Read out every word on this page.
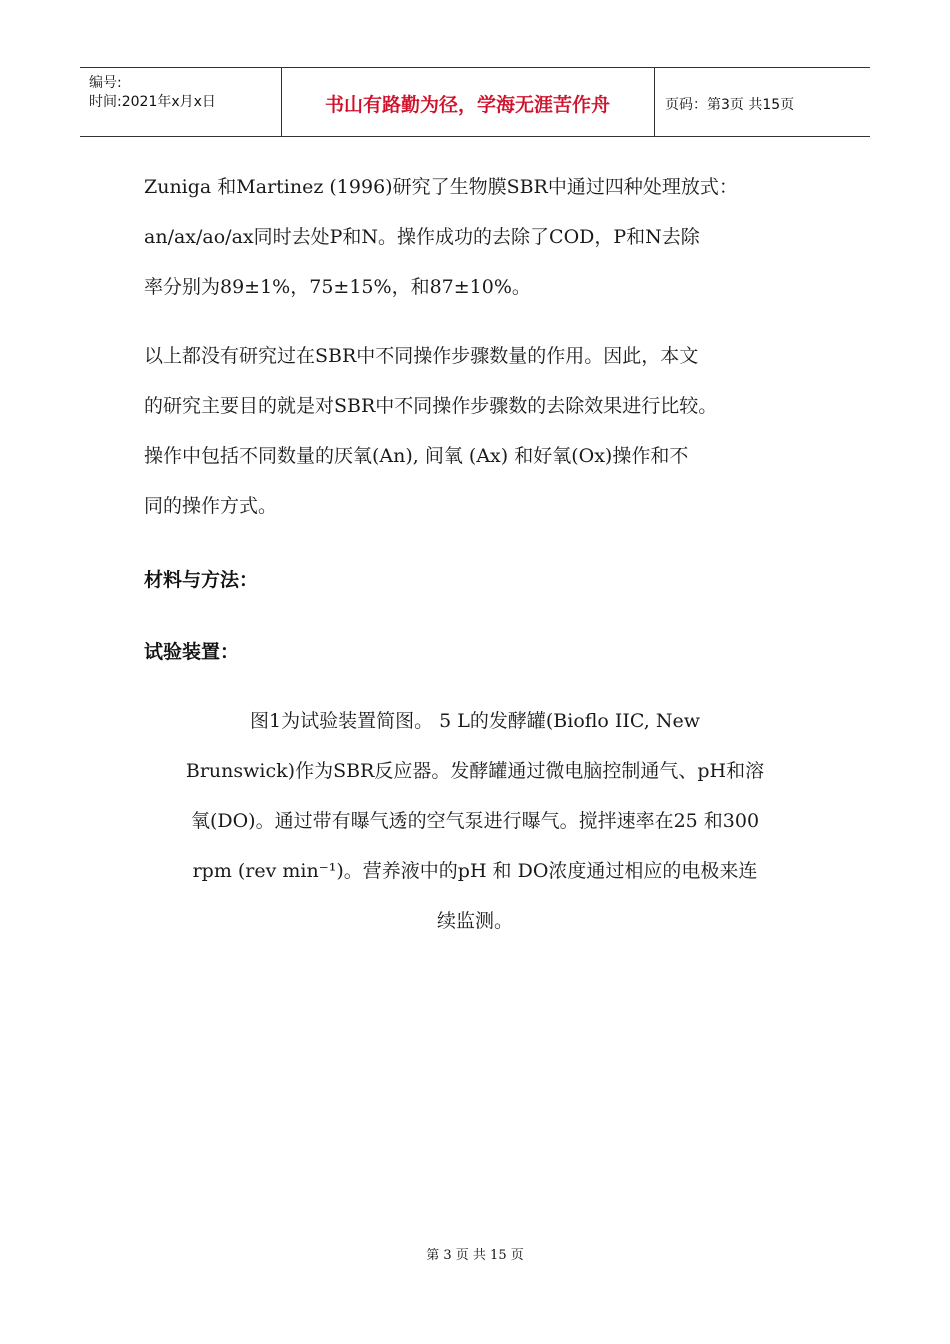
编号:
时间:2021年x月x日	书山有路勤为径，学海无涯苦作舟	页码：第3页 共15页

Zuniga 和Martinez (1996)研究了生物膜SBR中通过四种处理放式：
an/ax/ao/ax同时去处P和N。操作成功的去除了COD，P和N去除
率分别为89±1%，75±15%，和87±10%。

以上都没有研究过在SBR中不同操作步骤数量的作用。因此，本文
的研究主要目的就是对SBR中不同操作步骤数的去除效果进行比较。
操作中包括不同数量的厌氧(An), 间氧 (Ax) 和好氧(Ox)操作和不
同的操作方式。

材料与方法：
试验装置：

图1为试验装置简图。 5 L的发酵罐(Bioflo IIC, New
Brunswick)作为SBR反应器。发酵罐通过微电脑控制通气、pH和溶
氧(DO)。通过带有曝气透的空气泵进行曝气。搅拌速率在25 和300
rpm (rev min⁻¹)。营养液中的pH 和 DO浓度通过相应的电极来连
续监测。

第 3 页 共 15 页
